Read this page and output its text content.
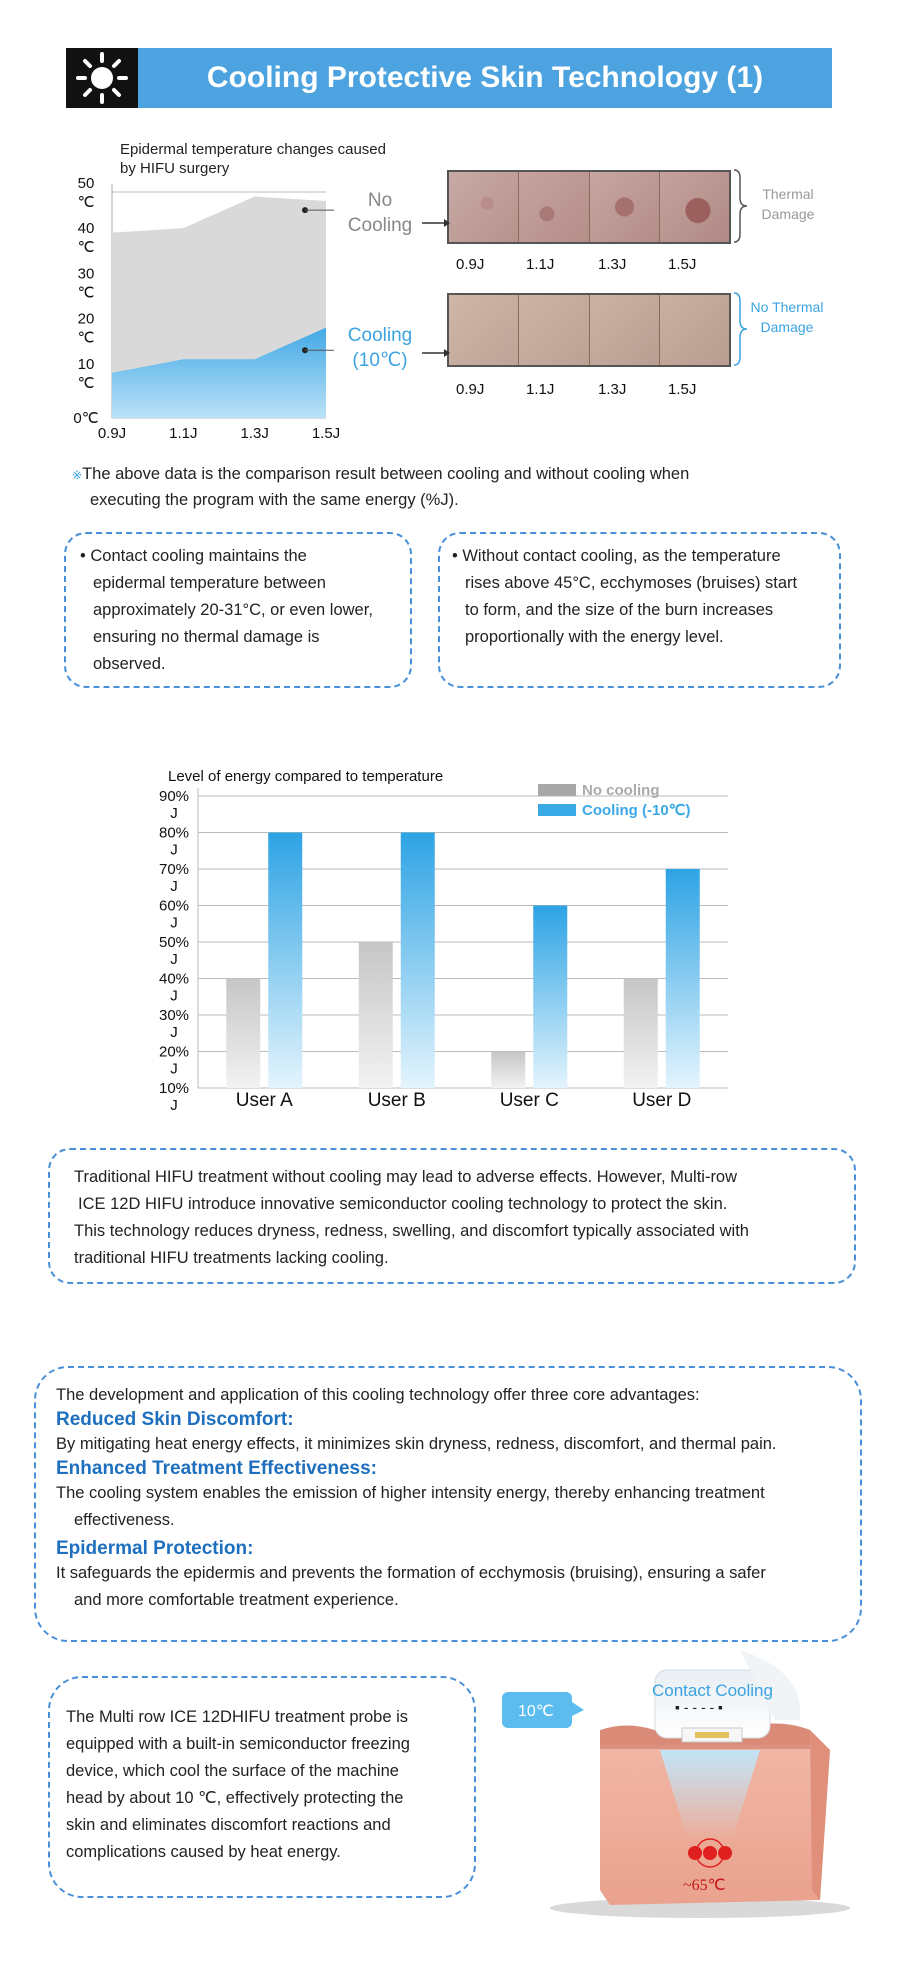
Cooling Protective Skin Technology (1)
Epidermal temperature changes caused by HIFU surgery
50
℃
40
℃
30
℃
20
℃
10
℃
0℃
0.9J	1.1J	1.3J	1.5J
No
Cooling
Cooling
(10℃)
Thermal
Damage
No Thermal
Damage
0.9J	1.1J	1.3J	1.5J
0.9J	1.1J	1.3J	1.5J
※The above data is the comparison result between cooling and without cooling when
executing the program with the same energy (%J).
• Contact cooling maintains the
epidermal temperature between
approximately 20-31°C, or even lower,
ensuring no thermal damage is
observed.
• Without contact cooling, as the temperature
rises above 45°C, ecchymoses (bruises) start
to form, and the size of the burn increases
proportionally with the energy level.
Level of energy compared to temperature
User A	User B	User C	User D
90%
J
80%
J
70%
J
60%
J
50%
J
40%
J
30%
J
20%
J
10%
J
No cooling
Cooling (-10℃)
Traditional HIFU treatment without cooling may lead to adverse effects. However, Multi-row
ICE 12D HIFU introduce innovative semiconductor cooling technology to protect the skin.
This technology reduces dryness, redness, swelling, and discomfort typically associated with
traditional HIFU treatments lacking cooling.
The development and application of this cooling technology offer three core advantages:
Reduced Skin Discomfort:
By mitigating heat energy effects, it minimizes skin dryness, redness, discomfort, and thermal pain.
Enhanced Treatment Effectiveness:
The cooling system enables the emission of higher intensity energy, thereby enhancing treatment
effectiveness.
Epidermal Protection:
It safeguards the epidermis and prevents the formation of ecchymosis (bruising), ensuring a safer
and more comfortable treatment experience.
The Multi row ICE 12DHIFU treatment probe is
equipped with a built-in semiconductor freezing
device, which cool the surface of the machine
head by about 10 ℃, effectively protecting the
skin and eliminates discomfort reactions and
complications caused by heat energy.
▪ - - - - ▪
Contact Cooling
10℃
~65℃
